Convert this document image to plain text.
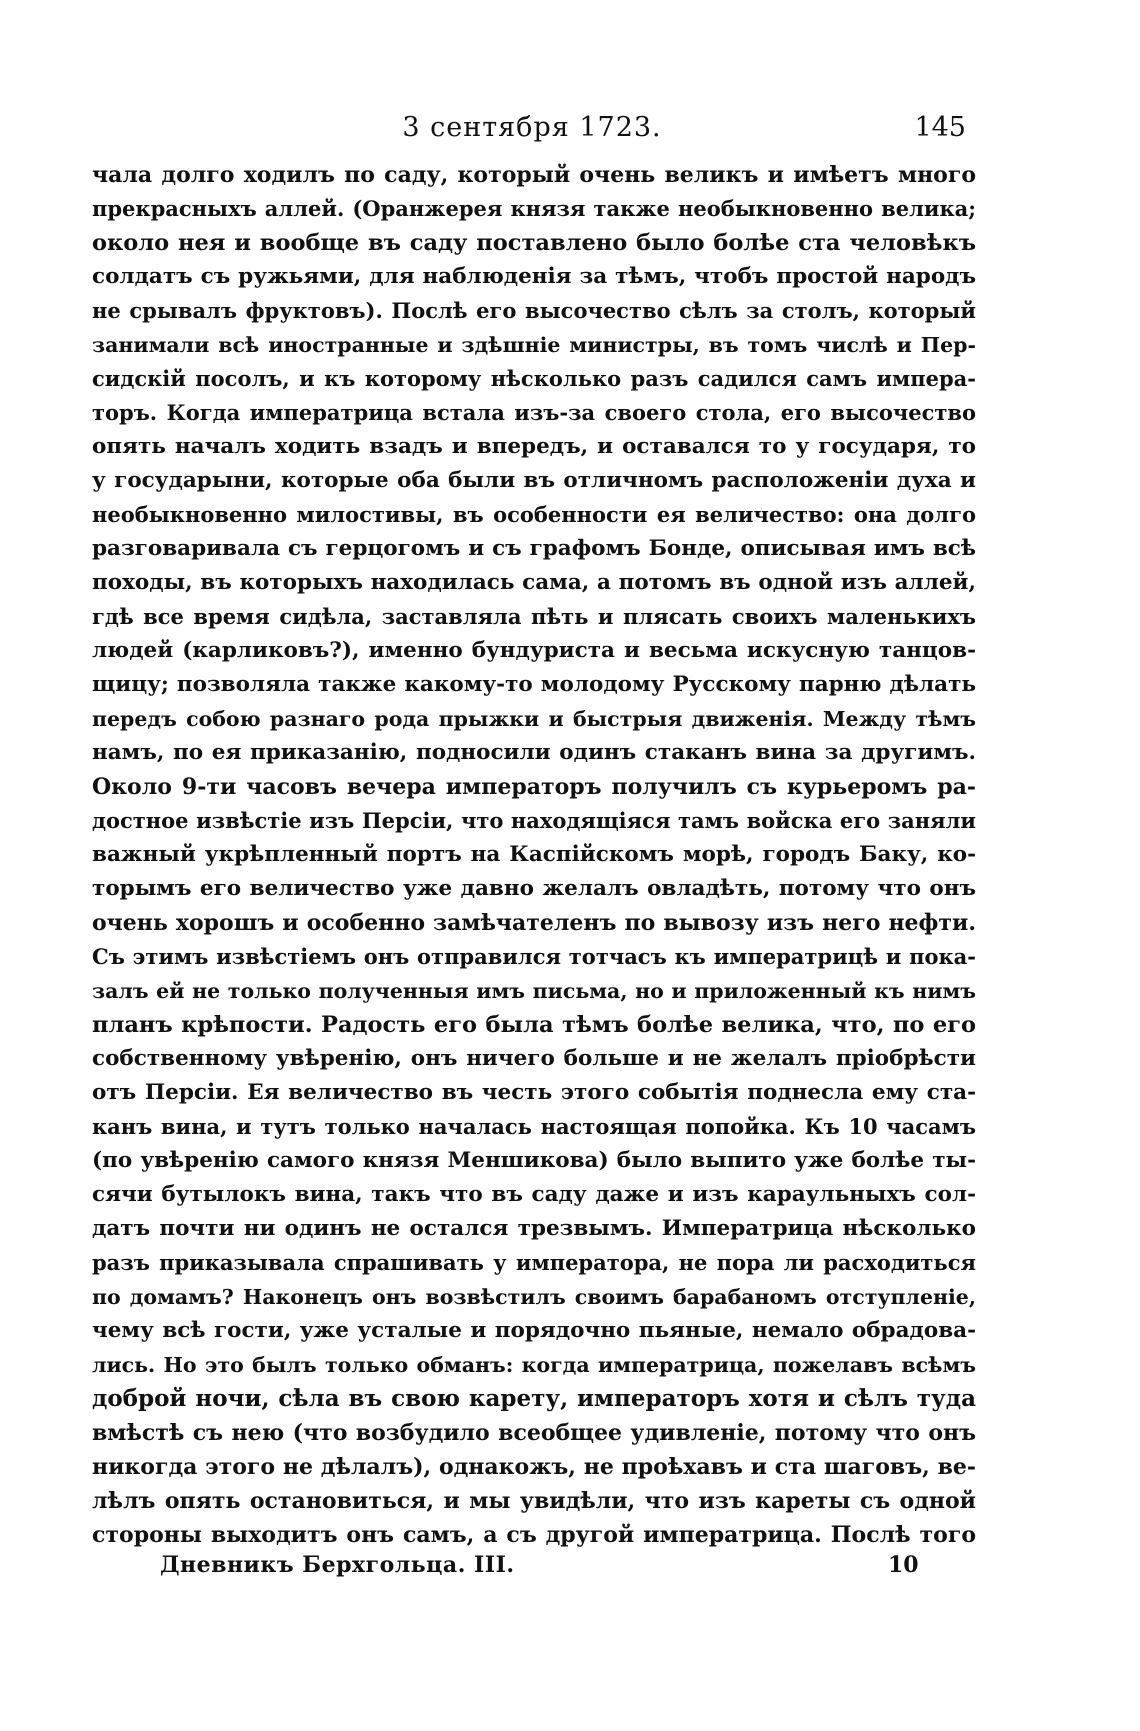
3 сентября 1723.	145
чала долго ходилъ по саду, который очень великъ и имѣетъ много
прекрасныхъ аллей. (Оранжерея князя также необыкновенно велика;
около нея и вообще въ саду поставлено было болѣе ста человѣкъ
солдатъ съ ружьями, для наблюденія за тѣмъ, чтобъ простой народъ
не срывалъ фруктовъ). Послѣ его высочество сѣлъ за столъ, который
занимали всѣ иностранные и здѣшніе министры, въ томъ числѣ и Пер-
сидскій посолъ, и къ которому нѣсколько разъ садился самъ импера-
торъ. Когда императрица встала изъ-за своего стола, его высочество
опять началъ ходить взадъ и впередъ, и оставался то у государя, то
у государыни, которые оба были въ отличномъ расположеніи духа и
необыкновенно милостивы, въ особенности ея величество: она долго
разговаривала съ герцогомъ и съ графомъ Бонде, описывая имъ всѣ
походы, въ которыхъ находилась сама, а потомъ въ одной изъ аллей,
гдѣ все время сидѣла, заставляла пѣть и плясать своихъ маленькихъ
людей (карликовъ?), именно бундуриста и весьма искусную танцов-
щицу; позволяла также какому-то молодому Русскому парню дѣлать
передъ собою разнаго рода прыжки и быстрыя движенія. Между тѣмъ
намъ, по ея приказанію, подносили одинъ стаканъ вина за другимъ.
Около 9-ти часовъ вечера императоръ получилъ съ курьеромъ ра-
достное извѣстіе изъ Персіи, что находящіяся тамъ войска его заняли
важный укрѣпленный портъ на Каспійскомъ морѣ, городъ Баку, ко-
торымъ его величество уже давно желалъ овладѣть, потому что онъ
очень хорошъ и особенно замѣчателенъ по вывозу изъ него нефти.
Съ этимъ извѣстіемъ онъ отправился тотчасъ къ императрицѣ и пока-
залъ ей не только полученныя имъ письма, но и приложенный къ нимъ
планъ крѣпости. Радость его была тѣмъ болѣе велика, что, по его
собственному увѣренію, онъ ничего больше и не желалъ пріобрѣсти
отъ Персіи. Ея величество въ честь этого событія поднесла ему ста-
канъ вина, и тутъ только началась настоящая попойка. Къ 10 часамъ
(по увѣренію самого князя Меншикова) было выпито уже болѣе ты-
сячи бутылокъ вина, такъ что въ саду даже и изъ караульныхъ сол-
датъ почти ни одинъ не остался трезвымъ. Императрица нѣсколько
разъ приказывала спрашивать у императора, не пора ли расходиться
по домамъ? Наконецъ онъ возвѣстилъ своимъ барабаномъ отступленіе,
чему всѣ гости, уже усталые и порядочно пьяные, немало обрадова-
лись. Но это былъ только обманъ: когда императрица, пожелавъ всѣмъ
доброй ночи, сѣла въ свою карету, императоръ хотя и сѣлъ туда
вмѣстѣ съ нею (что возбудило всеобщее удивленіе, потому что онъ
никогда этого не дѣлалъ), однакожъ, не проѣхавъ и ста шаговъ, ве-
лѣлъ опять остановиться, и мы увидѣли, что изъ кареты съ одной
стороны выходитъ онъ самъ, а съ другой императрица. Послѣ того
Дневникъ Берхгольца. III.	10
